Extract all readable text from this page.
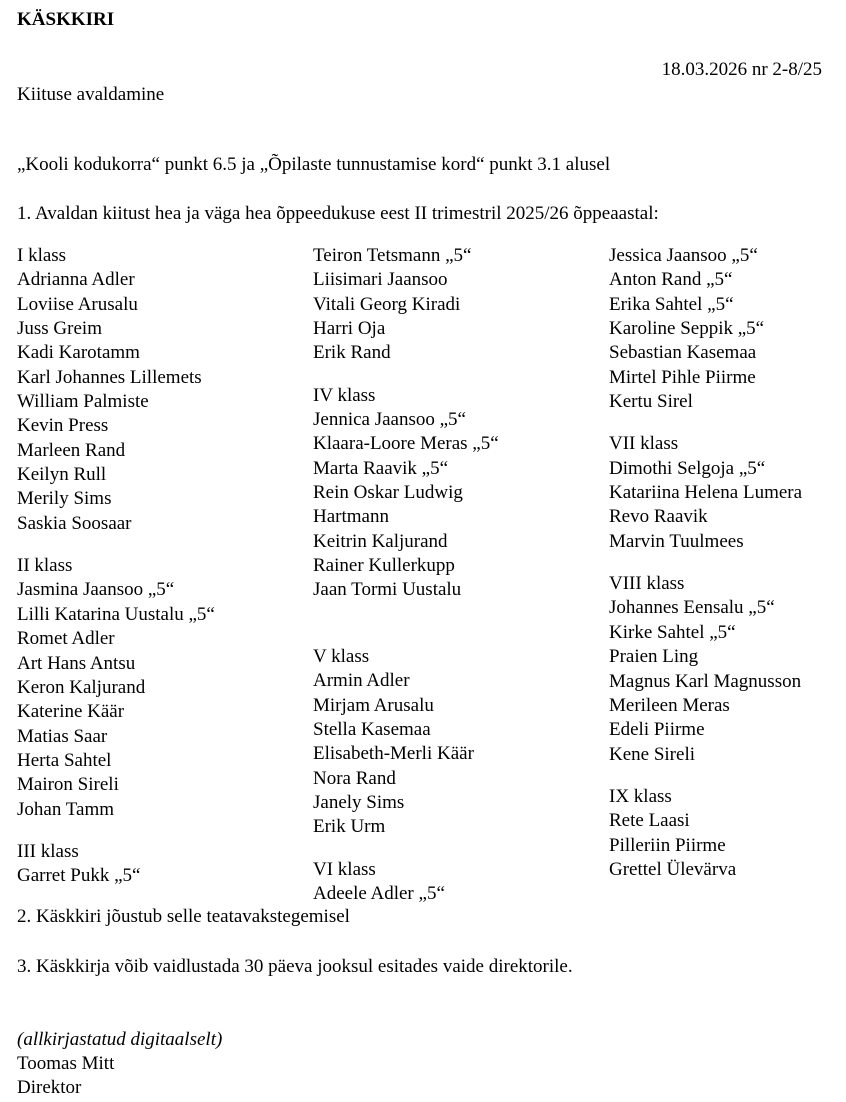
KÄSKKIRI
18.03.2026 nr 2-8/25
Kiituse avaldamine
„Kooli kodukorra“ punkt 6.5 ja „Õpilaste tunnustamise kord“ punkt 3.1 alusel
1. Avaldan kiitust hea ja väga hea õppeedukuse eest II trimestril 2025/26 õppeaastal:
I klass
Adrianna Adler
Loviise Arusalu
Juss Greim
Kadi Karotamm
Karl Johannes Lillemets
William Palmiste
Kevin Press
Marleen Rand
Keilyn Rull
Merily Sims
Saskia Soosaar
II klass
Jasmina Jaansoo „5“
Lilli Katarina Uustalu „5“
Romet Adler
Art Hans Antsu
Keron Kaljurand
Katerine Käär
Matias Saar
Herta Sahtel
Mairon Sireli
Johan Tamm
III klass
Garret Pukk „5“
Teiron Tetsmann „5“
Liisimari Jaansoo
Vitali Georg Kiradi
Harri Oja
Erik Rand
IV klass
Jennica Jaansoo „5“
Klaara-Loore Meras „5“
Marta Raavik „5“
Rein Oskar Ludwig
Hartmann
Keitrin Kaljurand
Rainer Kullerkupp
Jaan Tormi Uustalu
V klass
Armin Adler
Mirjam Arusalu
Stella Kasemaa
Elisabeth-Merli Käär
Nora Rand
Janely Sims
Erik Urm
VI klass
Adeele Adler „5“
Jessica Jaansoo „5“
Anton Rand „5“
Erika Sahtel „5“
Karoline Seppik „5“
Sebastian Kasemaa
Mirtel Pihle Piirme
Kertu Sirel
VII klass
Dimothi Selgoja „5“
Katariina Helena Lumera
Revo Raavik
Marvin Tuulmees
VIII klass
Johannes Eensalu „5“
Kirke Sahtel „5“
Praien Ling
Magnus Karl Magnusson
Merileen Meras
Edeli Piirme
Kene Sireli
IX klass
Rete Laasi
Pilleriin Piirme
Grettel Ülevärva
2. Käskkiri jõustub selle teatavakstegemisel
3. Käskkirja võib vaidlustada 30 päeva jooksul esitades vaide direktorile.
(allkirjastatud digitaalselt)
Toomas Mitt
Direktor
